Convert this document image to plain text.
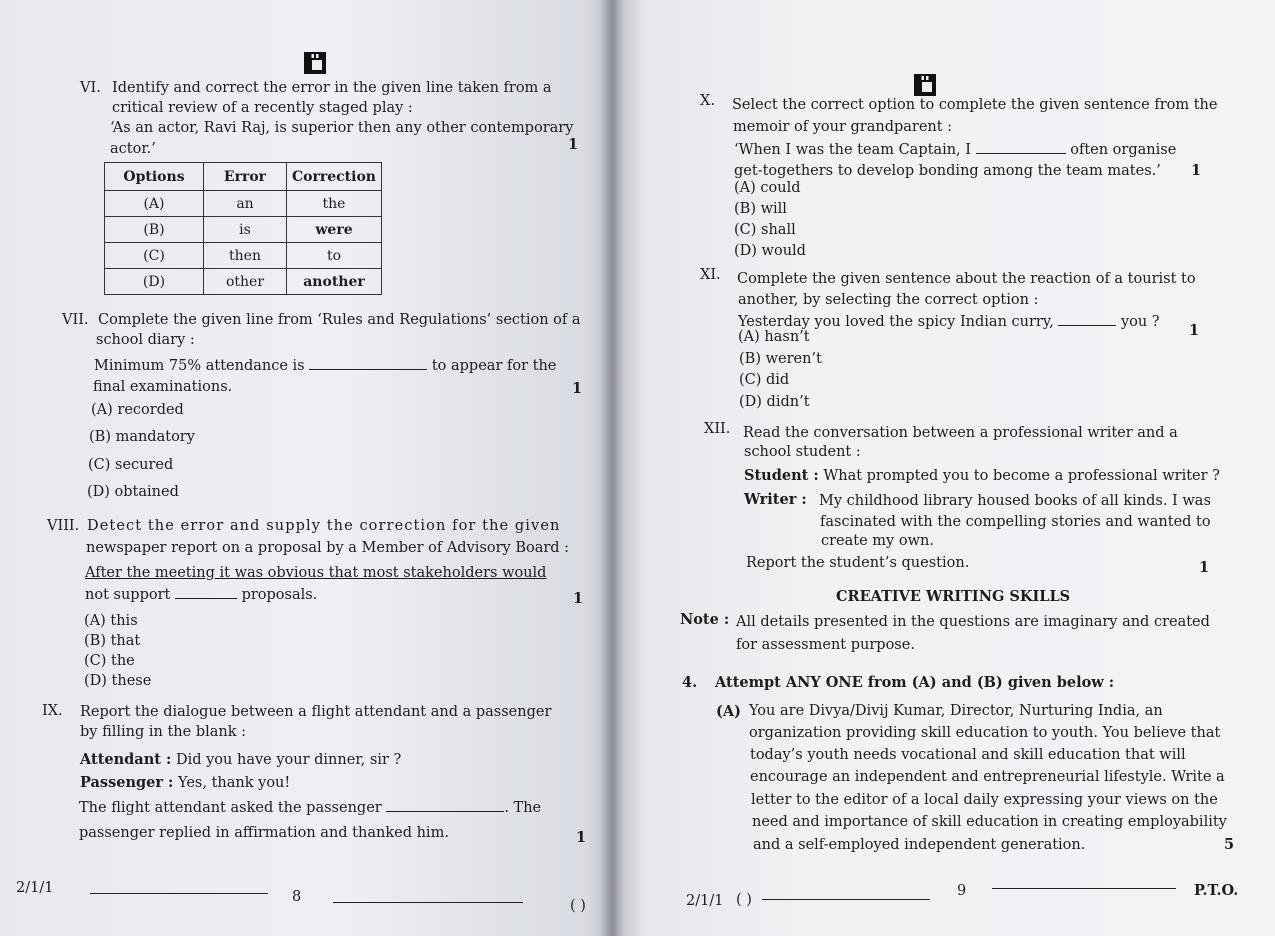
VI. Identify and correct the error in the given line taken from a
critical review of a recently staged play :
‘As an actor, Ravi Raj, is superior then any other contemporary
actor.’	1
Options	Error	Correction
(A)	an	the
(B)	is	were
(C)	then	to
(D)	other	another
VII. Complete the given line from ‘Rules and Regulations’ section of a
school diary :
Minimum 75% attendance is	to appear for the
final examinations.	1
(A) recorded
(B) mandatory
(C) secured
(D) obtained
VIII. Detect the error and supply the correction for the given
newspaper report on a proposal by a Member of Advisory Board :
After the meeting it was obvious that most stakeholders would
not support	proposals.	1
(A) this
(B) that
(C) the
(D) these
IX. Report the dialogue between a flight attendant and a passenger
by filling in the blank :
Attendant : Did you have your dinner, sir ?
Passenger : Yes, thank you!
The flight attendant asked the passenger	. The
passenger replied in affirmation and thanked him.	1
2/1/1
8
( )
X. Select the correct option to complete the given sentence from the
memoir of your grandparent :
‘When I was the team Captain, I	often organise
get-togethers to develop bonding among the team mates.’ 1
(A) could
(B) will
(C) shall
(D) would
XI. Complete the given sentence about the reaction of a tourist to
another, by selecting the correct option :
Yesterday you loved the spicy Indian curry,	you ? 1
(A) hasn’t
(B) weren’t
(C) did
(D) didn’t
XII. Read the conversation between a professional writer and a
school student :
Student : What prompted you to become a professional writer ?
Writer : My childhood library housed books of all kinds. I was
fascinated with the compelling stories and wanted to
create my own.
Report the student’s question.	1
CREATIVE WRITING SKILLS
Note : All details presented in the questions are imaginary and created
for assessment purpose.
4. Attempt ANY ONE from (A) and (B) given below :
(A) You are Divya/Divij Kumar, Director, Nurturing India, an
organization providing skill education to youth. You believe that
today’s youth needs vocational and skill education that will
encourage an independent and entrepreneurial lifestyle. Write a
letter to the editor of a local daily expressing your views on the
need and importance of skill education in creating employability
and a self-employed independent generation.	5
2/1/1 ( )
9	P.T.O.
